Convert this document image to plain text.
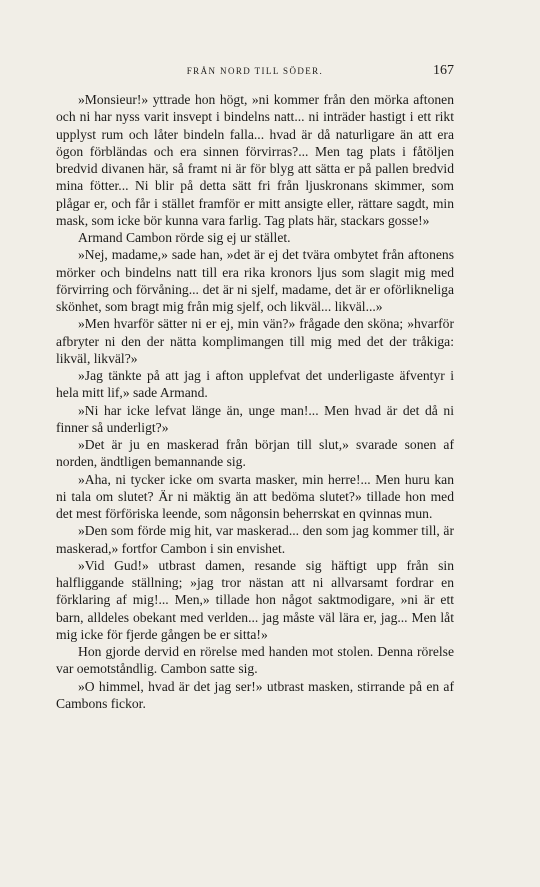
FRÅN NORD TILL SÖDER.	167

»Monsieur!» yttrade hon högt, »ni kommer från den mörka aftonen och ni har nyss varit insvept i bindelns natt... ni inträder hastigt i ett rikt upplyst rum och låter bindeln falla... hvad är då naturligare än att era ögon förbländas och era sinnen förvirras?... Men tag plats i fåtöljen bredvid divanen här, så framt ni är för blyg att sätta er på pallen bredvid mina fötter... Ni blir på detta sätt fri från ljuskronans skimmer, som plågar er, och får i stället framför er mitt ansigte eller, rättare sagdt, min mask, som icke bör kunna vara farlig. Tag plats här, stackars gosse!»

Armand Cambon rörde sig ej ur stället.

»Nej, madame,» sade han, »det är ej det tvära ombytet från aftonens mörker och bindelns natt till era rika kronors ljus som slagit mig med förvirring och förvåning... det är ni sjelf, madame, det är er oförlikneliga skönhet, som bragt mig från mig sjelf, och likväl... likväl...»

»Men hvarför sätter ni er ej, min vän?» frågade den sköna; »hvarför afbryter ni den der nätta komplimangen till mig med det der tråkiga: likväl, likväl?»

»Jag tänkte på att jag i afton upplefvat det underligaste äfventyr i hela mitt lif,» sade Armand.

»Ni har icke lefvat länge än, unge man!... Men hvad är det då ni finner så underligt?»

»Det är ju en maskerad från början till slut,» svarade sonen af norden, ändtligen bemannande sig.

»Aha, ni tycker icke om svarta masker, min herre!... Men huru kan ni tala om slutet? Är ni mäktig än att bedöma slutet?» tillade hon med det mest förföriska leende, som någonsin beherrskat en qvinnas mun.

»Den som förde mig hit, var maskerad... den som jag kommer till, är maskerad,» fortfor Cambon i sin envishet.

»Vid Gud!» utbrast damen, resande sig häftigt upp från sin halfliggande ställning; »jag tror nästan att ni allvarsamt fordrar en förklaring af mig!... Men,» tillade hon något saktmodigare, »ni är ett barn, alldeles obekant med verlden... jag måste väl lära er, jag... Men låt mig icke för fjerde gången be er sitta!»

Hon gjorde dervid en rörelse med handen mot stolen. Denna rörelse var oemotståndlig. Cambon satte sig.

»O himmel, hvad är det jag ser!» utbrast masken, stirrande på en af Cambons fickor.
